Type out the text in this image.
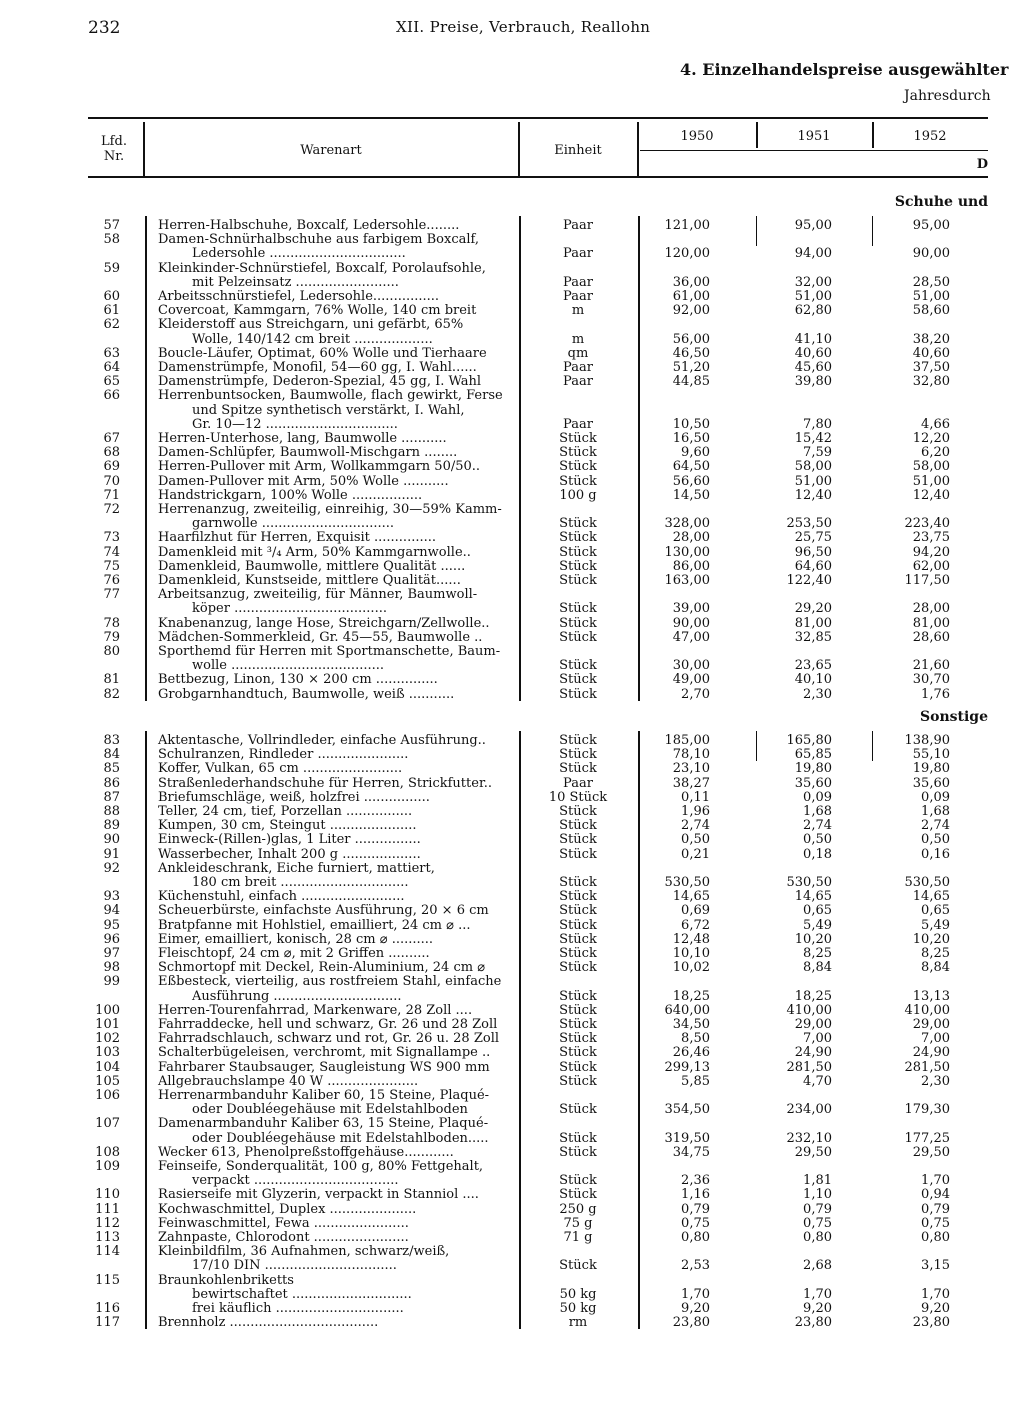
232	XII. Preise, Verbrauch, Reallohn
4. Einzelhandelspreise ausgewählter
Jahresdurch
Lfd.
Nr.	Warenart	Einheit
1950	1951	1952
D
Schuhe und
57	Herren-Halbschuhe, Boxcalf, Ledersohle........	Paar	121,00	95,00	95,00
58	Damen-Schnürhalbschuhe aus farbigem Boxcalf,
Ledersohle .................................	Paar	120,00	94,00	90,00
59	Kleinkinder-Schnürstiefel, Boxcalf, Porolaufsohle,
mit Pelzeinsatz .........................	Paar	36,00	32,00	28,50
60	Arbeitsschnürstiefel, Ledersohle................	Paar	61,00	51,00	51,00
61	Covercoat, Kammgarn, 76% Wolle, 140 cm breit	m	92,00	62,80	58,60
62	Kleiderstoff aus Streichgarn, uni gefärbt, 65%
Wolle, 140/142 cm breit ...................	m	56,00	41,10	38,20
63	Boucle-Läufer, Optimat, 60% Wolle und Tierhaare	qm	46,50	40,60	40,60
64	Damenstrümpfe, Monofil, 54—60 gg, I. Wahl......	Paar	51,20	45,60	37,50
65	Damenstrümpfe, Dederon-Spezial, 45 gg, I. Wahl	Paar	44,85	39,80	32,80
66	Herrenbuntsocken, Baumwolle, flach gewirkt, Ferse
und Spitze synthetisch verstärkt, I. Wahl,
Gr. 10—12 ................................	Paar	10,50	7,80	4,66
67	Herren-Unterhose, lang, Baumwolle ...........	Stück	16,50	15,42	12,20
68	Damen-Schlüpfer, Baumwoll-Mischgarn ........	Stück	9,60	7,59	6,20
69	Herren-Pullover mit Arm, Wollkammgarn 50/50..	Stück	64,50	58,00	58,00
70	Damen-Pullover mit Arm, 50% Wolle ...........	Stück	56,60	51,00	51,00
71	Handstrickgarn, 100% Wolle .................	100 g	14,50	12,40	12,40
72	Herrenanzug, zweiteilig, einreihig, 30—59% Kamm-
garnwolle ................................	Stück	328,00	253,50	223,40
73	Haarfilzhut für Herren, Exquisit ...............	Stück	28,00	25,75	23,75
74	Damenkleid mit ³/₄ Arm, 50% Kammgarnwolle..	Stück	130,00	96,50	94,20
75	Damenkleid, Baumwolle, mittlere Qualität ......	Stück	86,00	64,60	62,00
76	Damenkleid, Kunstseide, mittlere Qualität......	Stück	163,00	122,40	117,50
77	Arbeitsanzug, zweiteilig, für Männer, Baumwoll-
köper .....................................	Stück	39,00	29,20	28,00
78	Knabenanzug, lange Hose, Streichgarn/Zellwolle..	Stück	90,00	81,00	81,00
79	Mädchen-Sommerkleid, Gr. 45—55, Baumwolle ..	Stück	47,00	32,85	28,60
80	Sporthemd für Herren mit Sportmanschette, Baum-
wolle .....................................	Stück	30,00	23,65	21,60
81	Bettbezug, Linon, 130 × 200 cm ...............	Stück	49,00	40,10	30,70
82	Grobgarnhandtuch, Baumwolle, weiß ...........	Stück	2,70	2,30	1,76
Sonstige
83	Aktentasche, Vollrindleder, einfache Ausführung..	Stück	185,00	165,80	138,90
84	Schulranzen, Rindleder ......................	Stück	78,10	65,85	55,10
85	Koffer, Vulkan, 65 cm ........................	Stück	23,10	19,80	19,80
86	Straßenlederhandschuhe für Herren, Strickfutter..	Paar	38,27	35,60	35,60
87	Briefumschläge, weiß, holzfrei ................	10 Stück	0,11	0,09	0,09
88	Teller, 24 cm, tief, Porzellan ................	Stück	1,96	1,68	1,68
89	Kumpen, 30 cm, Steingut .....................	Stück	2,74	2,74	2,74
90	Einweck-(Rillen-)glas, 1 Liter ................	Stück	0,50	0,50	0,50
91	Wasserbecher, Inhalt 200 g ...................	Stück	0,21	0,18	0,16
92	Ankleideschrank, Eiche furniert, mattiert,
180 cm breit ...............................	Stück	530,50	530,50	530,50
93	Küchenstuhl, einfach .........................	Stück	14,65	14,65	14,65
94	Scheuerbürste, einfachste Ausführung, 20 × 6 cm	Stück	0,69	0,65	0,65
95	Bratpfanne mit Hohlstiel, emailliert, 24 cm ⌀ ...	Stück	6,72	5,49	5,49
96	Eimer, emailliert, konisch, 28 cm ⌀ ..........	Stück	12,48	10,20	10,20
97	Fleischtopf, 24 cm ⌀, mit 2 Griffen ..........	Stück	10,10	8,25	8,25
98	Schmortopf mit Deckel, Rein-Aluminium, 24 cm ⌀	Stück	10,02	8,84	8,84
99	Eßbesteck, vierteilig, aus rostfreiem Stahl, einfache
Ausführung ...............................	Stück	18,25	18,25	13,13
100	Herren-Tourenfahrrad, Markenware, 28 Zoll ....	Stück	640,00	410,00	410,00
101	Fahrraddecke, hell und schwarz, Gr. 26 und 28 Zoll	Stück	34,50	29,00	29,00
102	Fahrradschlauch, schwarz und rot, Gr. 26 u. 28 Zoll	Stück	8,50	7,00	7,00
103	Schalterbügeleisen, verchromt, mit Signallampe ..	Stück	26,46	24,90	24,90
104	Fahrbarer Staubsauger, Saugleistung WS 900 mm	Stück	299,13	281,50	281,50
105	Allgebrauchslampe 40 W ......................	Stück	5,85	4,70	2,30
106	Herrenarmbanduhr Kaliber 60, 15 Steine, Plaqué-
oder Doubléegehäuse mit Edelstahlboden	Stück	354,50	234,00	179,30
107	Damenarmbanduhr Kaliber 63, 15 Steine, Plaqué-
oder Doubléegehäuse mit Edelstahlboden.....	Stück	319,50	232,10	177,25
108	Wecker 613, Phenolpreßstoffgehäuse............	Stück	34,75	29,50	29,50
109	Feinseife, Sonderqualität, 100 g, 80% Fettgehalt,
verpackt ...................................	Stück	2,36	1,81	1,70
110	Rasierseife mit Glyzerin, verpackt in Stanniol ....	Stück	1,16	1,10	0,94
111	Kochwaschmittel, Duplex .....................	250 g	0,79	0,79	0,79
112	Feinwaschmittel, Fewa .......................	75 g	0,75	0,75	0,75
113	Zahnpaste, Chlorodont .......................	71 g	0,80	0,80	0,80
114	Kleinbildfilm, 36 Aufnahmen, schwarz/weiß,
17/10 DIN ................................	Stück	2,53	2,68	3,15
115	Braunkohlenbriketts
bewirtschaftet .............................	50 kg	1,70	1,70	1,70
116	frei käuflich ...............................	50 kg	9,20	9,20	9,20
117	Brennholz ....................................	rm	23,80	23,80	23,80
